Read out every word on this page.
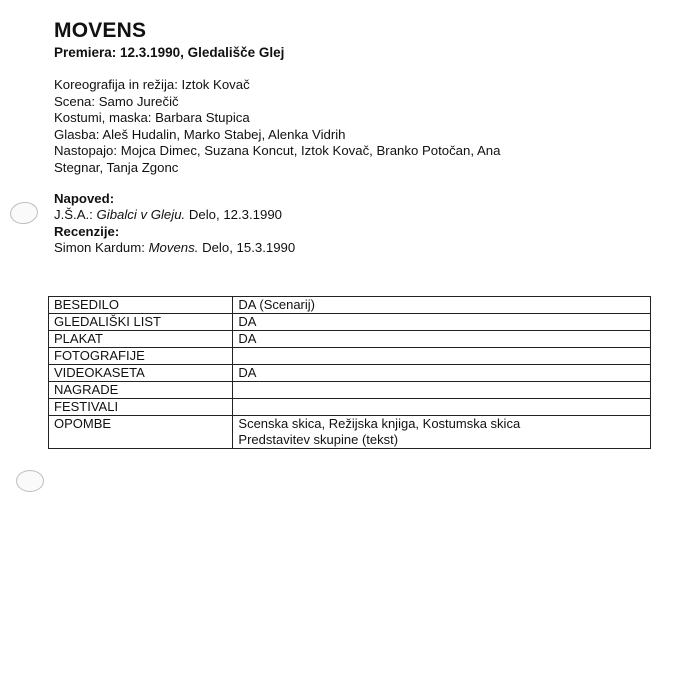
MOVENS

Premiera: 12.3.1990, Gledališče Glej

Koreografija in režija: Iztok Kovač
Scena: Samo Jurečič
Kostumi, maska: Barbara Stupica
Glasba: Aleš Hudalin, Marko Stabej, Alenka Vidrih
Nastopajo: Mojca Dimec, Suzana Koncut, Iztok Kovač, Branko Potočan, Ana
Stegnar, Tanja Zgonc
Napoved:
J.Š.A.: Gibalci v Gleju. Delo, 12.3.1990
Recenzije:
Simon Kardum: Movens. Delo, 15.3.1990
BESEDILO	DA (Scenarij)
GLEDALIŠKI LIST	DA
PLAKAT	DA
FOTOGRAFIJE	
VIDEOKASETA	DA
NAGRADE	
FESTIVALI	
OPOMBE	Scenska skica, Režijska knjiga, Kostumska skica
Predstavitev skupine (tekst)
